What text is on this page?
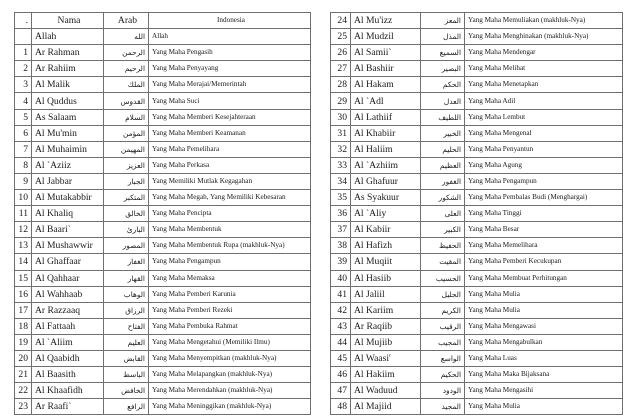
.	Nama	Arab	Indonesia
	Allah	الله	Allah
1	Ar Rahman	الرحمن	Yang Maha Pengasih
2	Ar Rahiim	الرحيم	Yang Maha Penyayang
3	Al Malik	الملك	Yang Maha Merajai/Memerintah
4	Al Quddus	القدوس	Yang Maha Suci
5	As Salaam	السلام	Yang Maha Memberi Kesejahteraan
6	Al Mu'min	المؤمن	Yang Maha Memberi Keamanan
7	Al Muhaimin	المهيمن	Yang Maha Pemelihara
8	Al `Aziiz	العزيز	Yang Maha Perkasa
9	Al Jabbar	الجبار	Yang Memiliki Mutlak Kegagahan
10	Al Mutakabbir	المتكبر	Yang Maha Megah, Yang Memiliki Kebesaran
11	Al Khaliq	الخالق	Yang Maha Pencipta
12	Al Baari`	البارئ	Yang Maha Membentuk
13	Al Mushawwir	المصور	Yang Maha Membentuk Rupa (makhluk-Nya)
14	Al Ghaffaar	الغفار	Yang Maha Pengampun
15	Al Qahhaar	القهار	Yang Maha Memaksa
16	Al Wahhaab	الوهاب	Yang Maha Pemberi Karunia
17	Ar Razzaaq	الرزاق	Yang Maha Pemberi Rezeki
18	Al Fattaah	الفتاح	Yang Maha Pembuka Rahmat
19	Al `Aliim	العليم	Yang Maha Mengetahui (Memiliki Ilmu)
20	Al Qaabidh	القابض	Yang Maha Menyempitkan (makhluk-Nya)
21	Al Baasith	الباسط	Yang Maha Melapangkan (makhluk-Nya)
22	Al Khaafidh	الخافض	Yang Maha Merendahkan (makhluk-Nya)
23	Ar Raafi`	الرافع	Yang Maha Meninggikan (makhluk-Nya)
24	Al Mu'izz	المعز	Yang Maha Memuliakan (makhluk-Nya)
25	Al Mudzil	المذل	Yang Maha Menghinakan (makhluk-Nya)
26	Al Samii`	السميع	Yang Maha Mendengar
27	Al Bashiir	البصير	Yang Maha Melihat
28	Al Hakam	الحكم	Yang Maha Menetapkan
29	Al `Adl	العدل	Yang Maha Adil
30	Al Lathiif	اللطيف	Yang Maha Lembut
31	Al Khabiir	الخبير	Yang Maha Mengenal
32	Al Haliim	الحليم	Yang Maha Penyantun
33	Al `Azhiim	العظيم	Yang Maha Agung
34	Al Ghafuur	الغفور	Yang Maha Pengampun
35	As Syakuur	الشكور	Yang Maha Pembalas Budi (Menghargai)
36	Al `Aliy	العلى	Yang Maha Tinggi
37	Al Kabiir	الكبير	Yang Maha Besar
38	Al Hafizh	الحفيظ	Yang Maha Memelihara
39	Al Muqiit	المقيت	Yang Maha Pemberi Kecukupan
40	Al Hasiib	الحسيب	Yang Maha Membuat Perhitungan
41	Al Jaliil	الجليل	Yang Maha Mulia
42	Al Kariim	الكريم	Yang Maha Mulia
43	Ar Raqiib	الرقيب	Yang Maha Mengawasi
44	Al Mujiib	المجيب	Yang Maha Mengabulkan
45	Al Waasi'	الواسع	Yang Maha Luas
46	Al Hakiim	الحكيم	Yang Maha Maka Bijaksana
47	Al Waduud	الودود	Yang Maha Mengasihi
48	Al Majiid	المجيد	Yang Maha Mulia
